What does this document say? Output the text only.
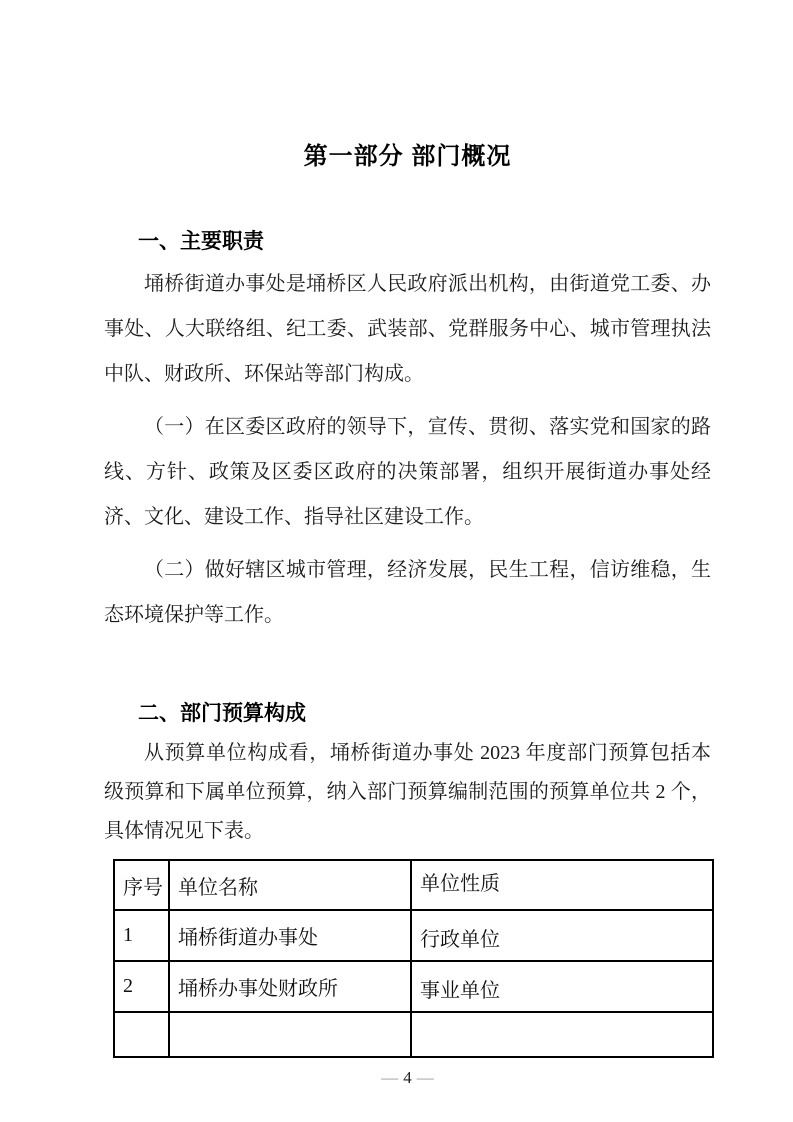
第一部分 部门概况
一、主要职责

埇桥街道办事处是埇桥区人民政府派出机构，由街道党工委、办事处、人大联络组、纪工委、武装部、党群服务中心、城市管理执法中队、财政所、环保站等部门构成。

（一）在区委区政府的领导下，宣传、贯彻、落实党和国家的路线、方针、政策及区委区政府的决策部署，组织开展街道办事处经济、文化、建设工作、指导社区建设工作。

（二）做好辖区城市管理，经济发展，民生工程，信访维稳，生态环境保护等工作。

二、部门预算构成

从预算单位构成看，埇桥街道办事处 2023 年度部门预算包括本级预算和下属单位预算，纳入部门预算编制范围的预算单位共 2 个，具体情况见下表。

序号	单位名称	单位性质
1	埇桥街道办事处	行政单位
2	埇桥办事处财政所	事业单位

— 4 —
